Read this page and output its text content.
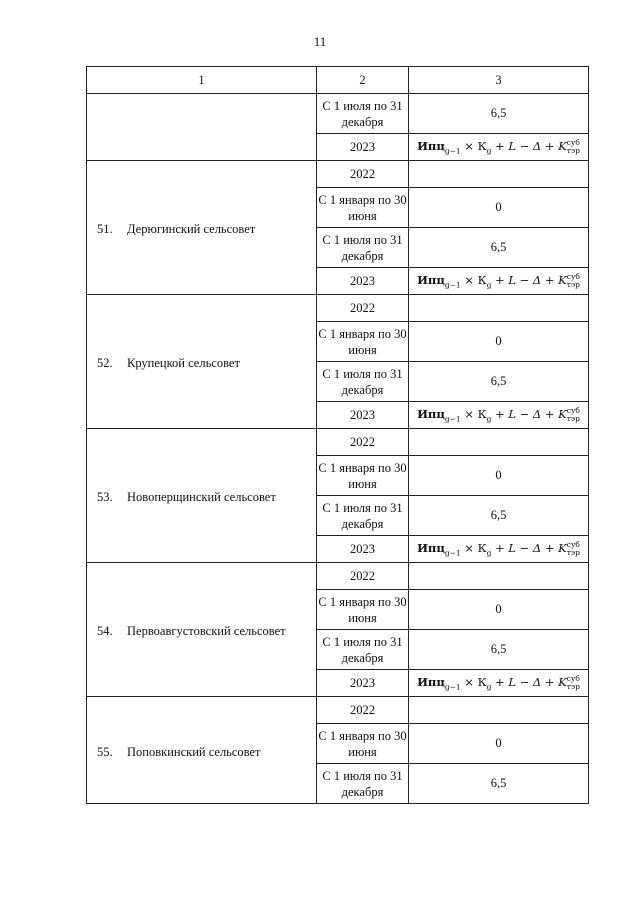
11
1	2	3
	С 1 июля по 31 декабря	6,5
	2023	$Ипц_{g-1} \times К_g + L - \Delta + K$ суб
тэр

51. Дерюгинский сельсовет	2022	
	С 1 января по 30 июня	0
	С 1 июля по 31 декабря	6,5
	2023	$Ипц_{g-1} \times К_g + L - \Delta + K$ суб
тэр

52. Крупецкой сельсовет	2022	
	С 1 января по 30 июня	0
	С 1 июля по 31 декабря	6,5
	2023	$Ипц_{g-1} \times К_g + L - \Delta + K$ суб
тэр

53. Новоперщинский сельсовет	2022	
	С 1 января по 30 июня	0
	С 1 июля по 31 декабря	6,5
	2023	$Ипц_{g-1} \times К_g + L - \Delta + K$ суб
тэр

54. Первоавгустовский сельсовет	2022	
	С 1 января по 30 июня	0
	С 1 июля по 31 декабря	6,5
	2023	$Ипц_{g-1} \times К_g + L - \Delta + K$ суб
тэр

55. Поповкинский сельсовет	2022	
	С 1 января по 30 июня	0
	С 1 июля по 31 декабря	6,5
